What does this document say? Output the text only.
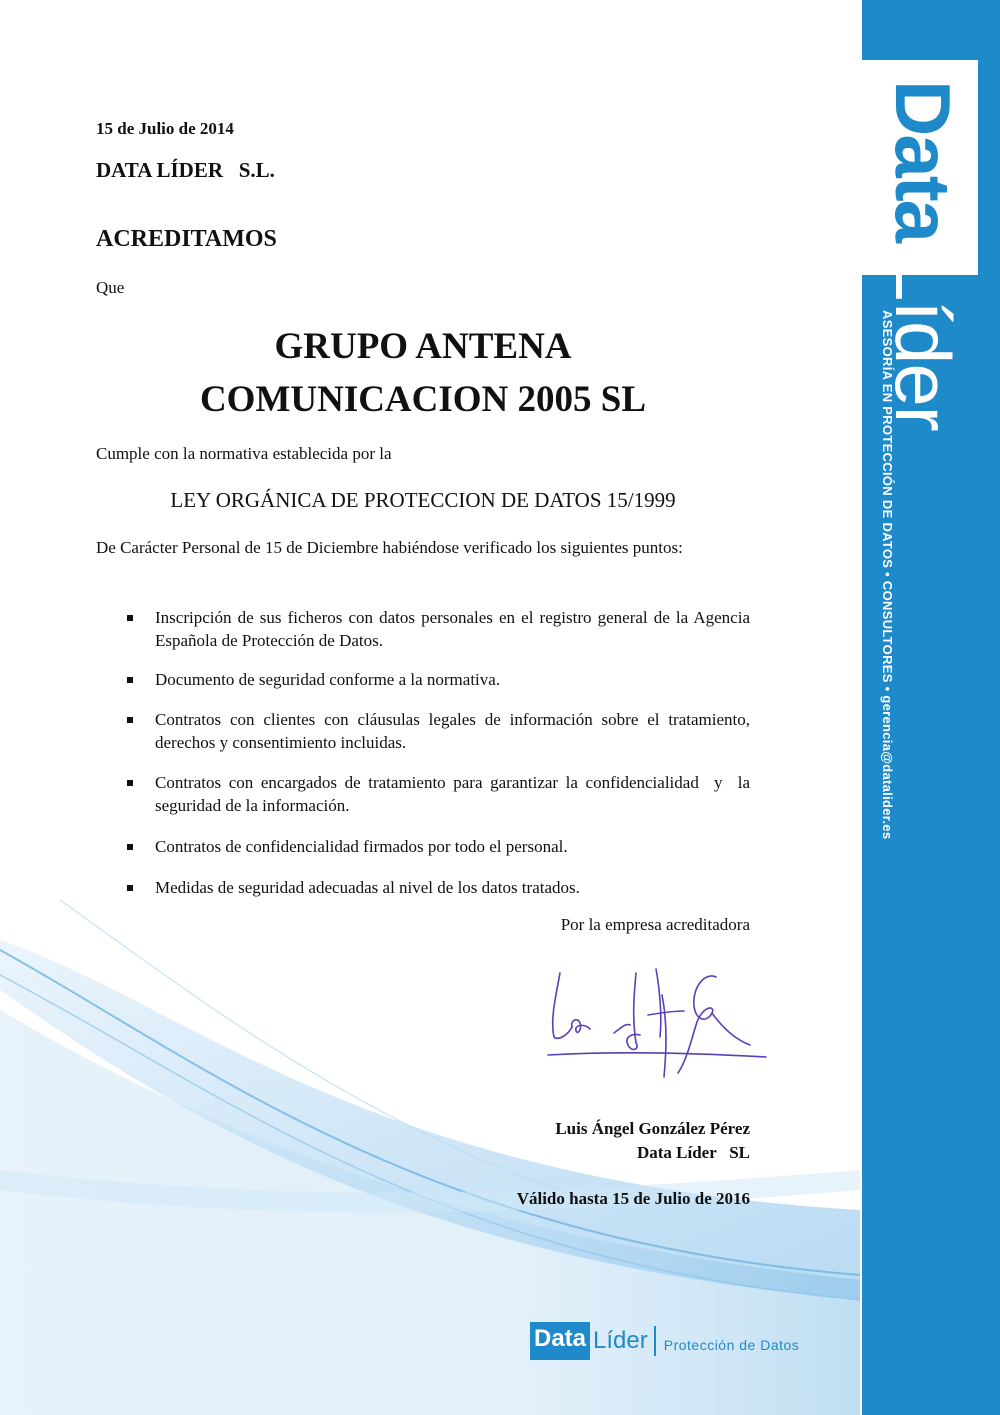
Data
Líder
ASESORÍA EN PROTECCIÓN DE DATOS • CONSULTORES • gerencia@datalider.es
15 de Julio de 2014
DATA LÍDER   S.L.
ACREDITAMOS
Que
GRUPO ANTENA
COMUNICACION 2005 SL
Cumple con la normativa establecida por la
LEY ORGÁNICA DE PROTECCION DE DATOS 15/1999
De Carácter Personal de 15 de Diciembre habiéndose verificado los siguientes puntos:
Inscripción de sus ficheros con datos personales en el registro general de la Agencia Española de Protección de Datos.
Documento de seguridad conforme a la normativa.
Contratos con clientes con cláusulas legales de información sobre el tratamiento, derechos y consentimiento incluidas.
Contratos con encargados de tratamiento para garantizar la confidencialidad  y  la seguridad de la información.
Contratos de confidencialidad firmados por todo el personal.
Medidas de seguridad adecuadas al nivel de los datos tratados.
Por la empresa acreditadora
Luis Ángel González Pérez
Data Líder   SL
Válido hasta 15 de Julio de 2016
Data Líder	Protección de Datos
